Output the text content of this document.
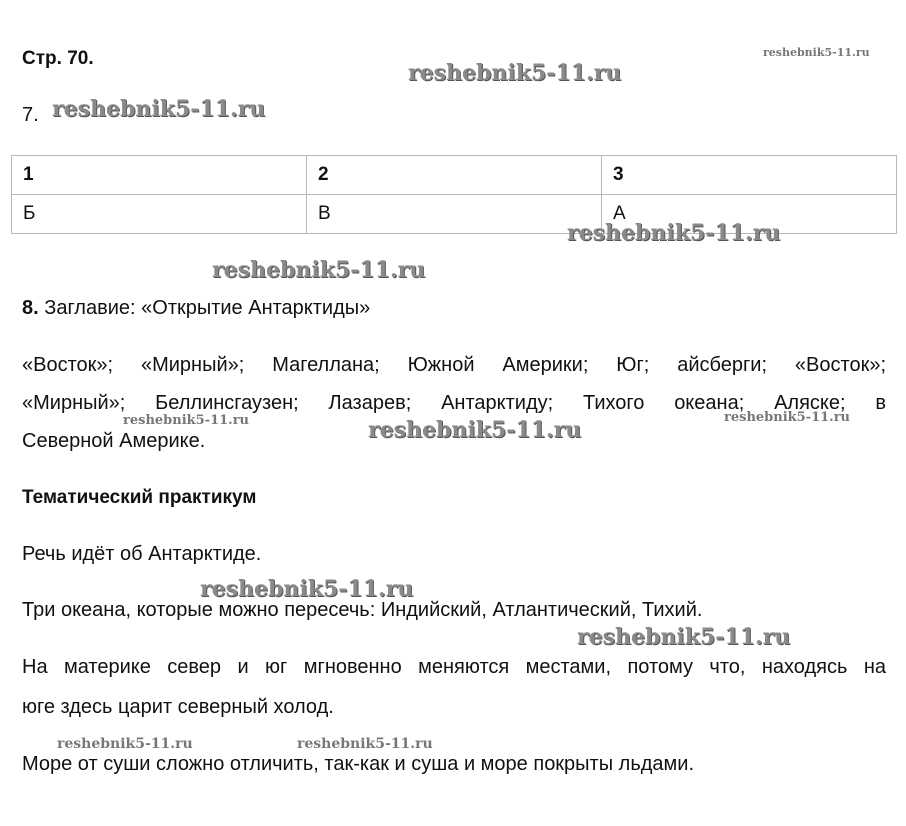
Стр. 70.
7.
1	2	3
Б	В	А
8. Заглавие: «Открытие Антарктиды»
«Восток»; «Мирный»; Магеллана; Южной Америки; Юг; айсберги; «Восток»;
«Мирный»; Беллинсгаузен; Лазарев; Антарктиду; Тихого океана; Аляске; в
Северной Америке.
Тематический практикум
Речь идёт об Антарктиде.
Три океана, которые можно пересечь: Индийский, Атлантический, Тихий.
На материке север и юг мгновенно меняются местами, потому что, находясь на
юге здесь царит северный холод.
Море от суши сложно отличить, так-как и суша и море покрыты льдами.
reshebnik5-11.ru
reshebnik5-11.ru
reshebnik5-11.ru
reshebnik5-11.ru
reshebnik5-11.ru
reshebnik5-11.ru	reshebnik5-11.ru	reshebnik5-11.ru
reshebnik5-11.ru
reshebnik5-11.ru
reshebnik5-11.ru	reshebnik5-11.ru
